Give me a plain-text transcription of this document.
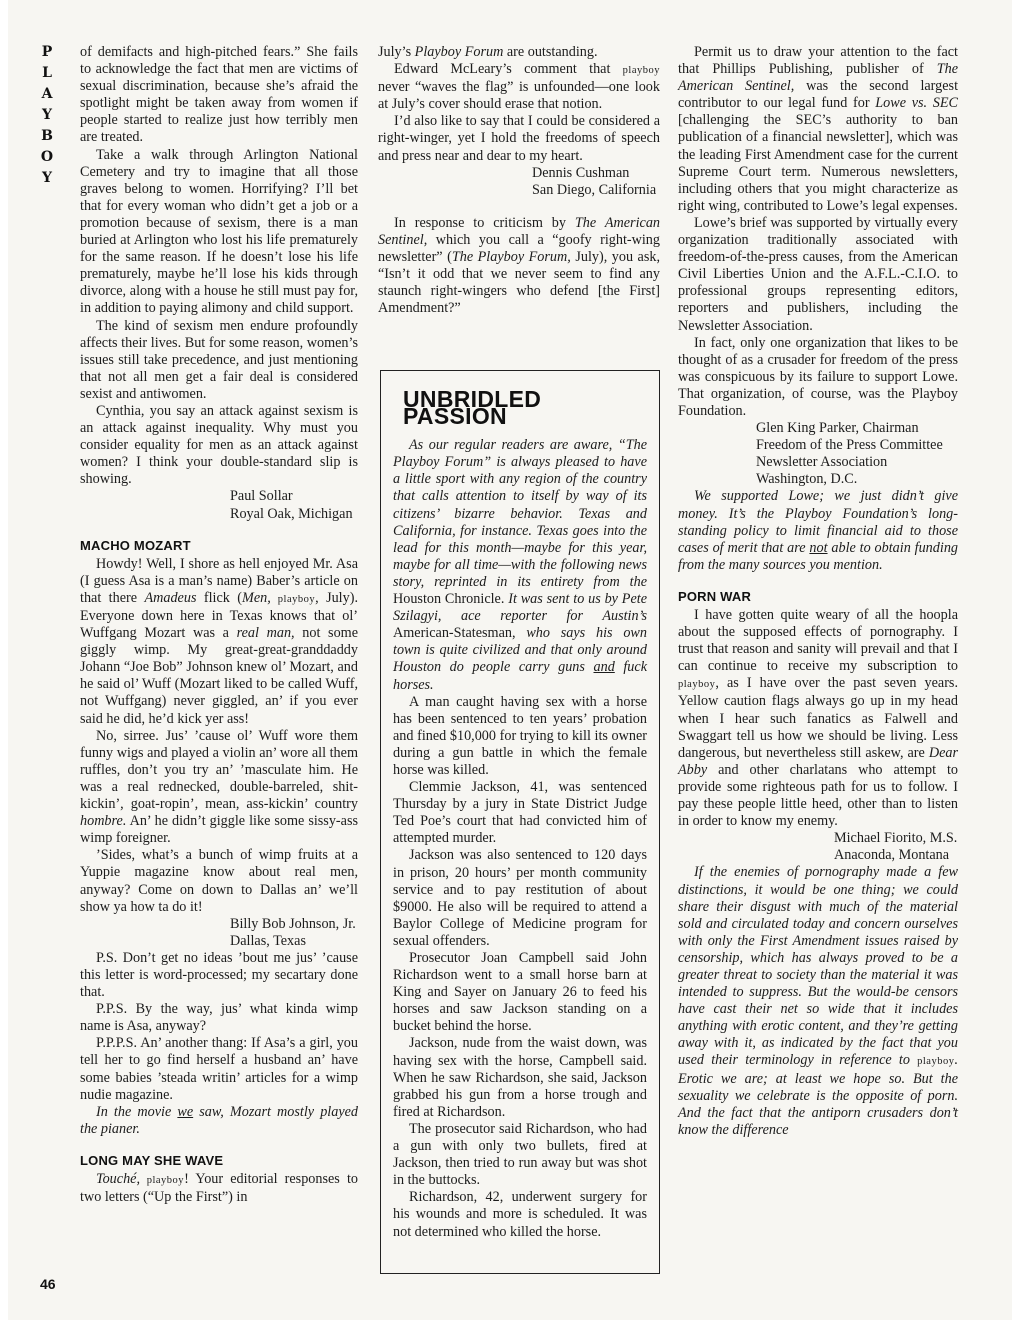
P
L
A
Y
B
O
Y

of demifacts and high-pitched fears.” She fails to acknowledge the fact that men are victims of sexual discrimination, because she’s afraid the spotlight might be taken away from women if people started to realize just how terribly men are treated.

Take a walk through Arlington National Cemetery and try to imagine that all those graves belong to women. Horrifying? I’ll bet that for every woman who didn’t get a job or a promotion because of sexism, there is a man buried at Arlington who lost his life prematurely for the same reason. If he doesn’t lose his life prematurely, maybe he’ll lose his kids through divorce, along with a house he still must pay for, in addition to paying alimony and child support.

The kind of sexism men endure profoundly affects their lives. But for some reason, women’s issues still take precedence, and just mentioning that not all men get a fair deal is considered sexist and antiwomen.

Cynthia, you say an attack against sexism is an attack against inequality. Why must you consider equality for men as an attack against women? I think your double-standard slip is showing.

Paul Sollar

Royal Oak, Michigan

MACHO MOZART

Howdy! Well, I shore as hell enjoyed Mr. Asa (I guess Asa is a man’s name) Baber’s article on that there Amadeus flick (Men, playboy, July). Everyone down here in Texas knows that ol’ Wuffgang Mozart was a real man, not some giggly wimp. My great-great-granddaddy Johann “Joe Bob” Johnson knew ol’ Mozart, and he said ol’ Wuff (Mozart liked to be called Wuff, not Wuffgang) never giggled, an’ if you ever said he did, he’d kick yer ass!

No, sirree. Jus’ ’cause ol’ Wuff wore them funny wigs and played a violin an’ wore all them ruffles, don’t you try an’ ’masculate him. He was a real rednecked, double-barreled, shit-kickin’, goat-ropin’, mean, ass-kickin’ country hombre. An’ he didn’t giggle like some sissy-ass wimp foreigner.

’Sides, what’s a bunch of wimp fruits at a Yuppie magazine know about real men, anyway? Come on down to Dallas an’ we’ll show ya how ta do it!

Billy Bob Johnson, Jr.

Dallas, Texas

P.S. Don’t get no ideas ’bout me jus’ ’cause this letter is word-processed; my secartary done that.

P.P.S. By the way, jus’ what kinda wimp name is Asa, anyway?

P.P.P.S. An’ another thang: If Asa’s a girl, you tell her to go find herself a husband an’ have some babies ’steada writin’ articles for a wimp nudie magazine.

In the movie we saw, Mozart mostly played the pianer.

LONG MAY SHE WAVE

Touché, playboy! Your editorial responses to two letters (“Up the First”) in

July’s Playboy Forum are outstanding.

Edward McLeary’s comment that playboy never “waves the flag” is unfounded—one look at July’s cover should erase that notion.

I’d also like to say that I could be considered a right-winger, yet I hold the freedoms of speech and press near and dear to my heart.

Dennis Cushman

San Diego, California

In response to criticism by The American Sentinel, which you call a “goofy right-wing newsletter” (The Playboy Forum, July), you ask, “Isn’t it odd that we never seem to find any staunch right-wingers who defend [the First] Amendment?”

UNBRIDLED PASSION

As our regular readers are aware, “The Playboy Forum” is always pleased to have a little sport with any region of the country that calls attention to itself by way of its citizens’ bizarre behavior. Texas and California, for instance. Texas goes into the lead for this month—maybe for this year, maybe for all time—with the following news story, reprinted in its entirety from the Houston Chronicle. It was sent to us by Pete Szilagyi, ace reporter for Austin’s American-Statesman, who says his own town is quite civilized and that only around Houston do people carry guns and fuck horses.

A man caught having sex with a horse has been sentenced to ten years’ probation and fined $10,000 for trying to kill its owner during a gun battle in which the female horse was killed.

Clemmie Jackson, 41, was sentenced Thursday by a jury in State District Judge Ted Poe’s court that had convicted him of attempted murder.

Jackson was also sentenced to 120 days in prison, 20 hours’ per month community service and to pay restitution of about $9000. He also will be required to attend a Baylor College of Medicine program for sexual offenders.

Prosecutor Joan Campbell said John Richardson went to a small horse barn at King and Sayer on January 26 to feed his horses and saw Jackson standing on a bucket behind the horse.

Jackson, nude from the waist down, was having sex with the horse, Campbell said. When he saw Richardson, she said, Jackson grabbed his gun from a horse trough and fired at Richardson.

The prosecutor said Richardson, who had a gun with only two bullets, fired at Jackson, then tried to run away but was shot in the buttocks.

Richardson, 42, underwent surgery for his wounds and more is scheduled. It was not determined who killed the horse.

Permit us to draw your attention to the fact that Phillips Publishing, publisher of The American Sentinel, was the second largest contributor to our legal fund for Lowe vs. SEC [challenging the SEC’s authority to ban publication of a financial newsletter], which was the leading First Amendment case for the current Supreme Court term. Numerous newsletters, including others that you might characterize as right wing, contributed to Lowe’s legal expenses.

Lowe’s brief was supported by virtually every organization traditionally associated with freedom-of-the-press causes, from the American Civil Liberties Union and the A.F.L.-C.I.O. to professional groups representing editors, reporters and publishers, including the Newsletter Association.

In fact, only one organization that likes to be thought of as a crusader for freedom of the press was conspicuous by its failure to support Lowe. That organization, of course, was the Playboy Foundation.

Glen King Parker, Chairman

Freedom of the Press Committee

Newsletter Association

Washington, D.C.

We supported Lowe; we just didn’t give money. It’s the Playboy Foundation’s long-standing policy to limit financial aid to those cases of merit that are not able to obtain funding from the many sources you mention.

PORN WAR

I have gotten quite weary of all the hoopla about the supposed effects of pornography. I trust that reason and sanity will prevail and that I can continue to receive my subscription to playboy, as I have over the past seven years. Yellow caution flags always go up in my head when I hear such fanatics as Falwell and Swaggart tell us how we should be living. Less dangerous, but nevertheless still askew, are Dear Abby and other charlatans who attempt to provide some righteous path for us to follow. I pay these people little heed, other than to listen in order to know my enemy.

Michael Fiorito, M.S.

Anaconda, Montana

If the enemies of pornography made a few distinctions, it would be one thing; we could share their disgust with much of the material sold and circulated today and concern ourselves with only the First Amendment issues raised by censorship, which has always proved to be a greater threat to society than the material it was intended to suppress. But the would-be censors have cast their net so wide that it includes anything with erotic content, and they’re getting away with it, as indicated by the fact that you used their terminology in reference to playboy. Erotic we are; at least we hope so. But the sexuality we celebrate is the opposite of porn. And the fact that the antiporn crusaders don’t know the difference

46
